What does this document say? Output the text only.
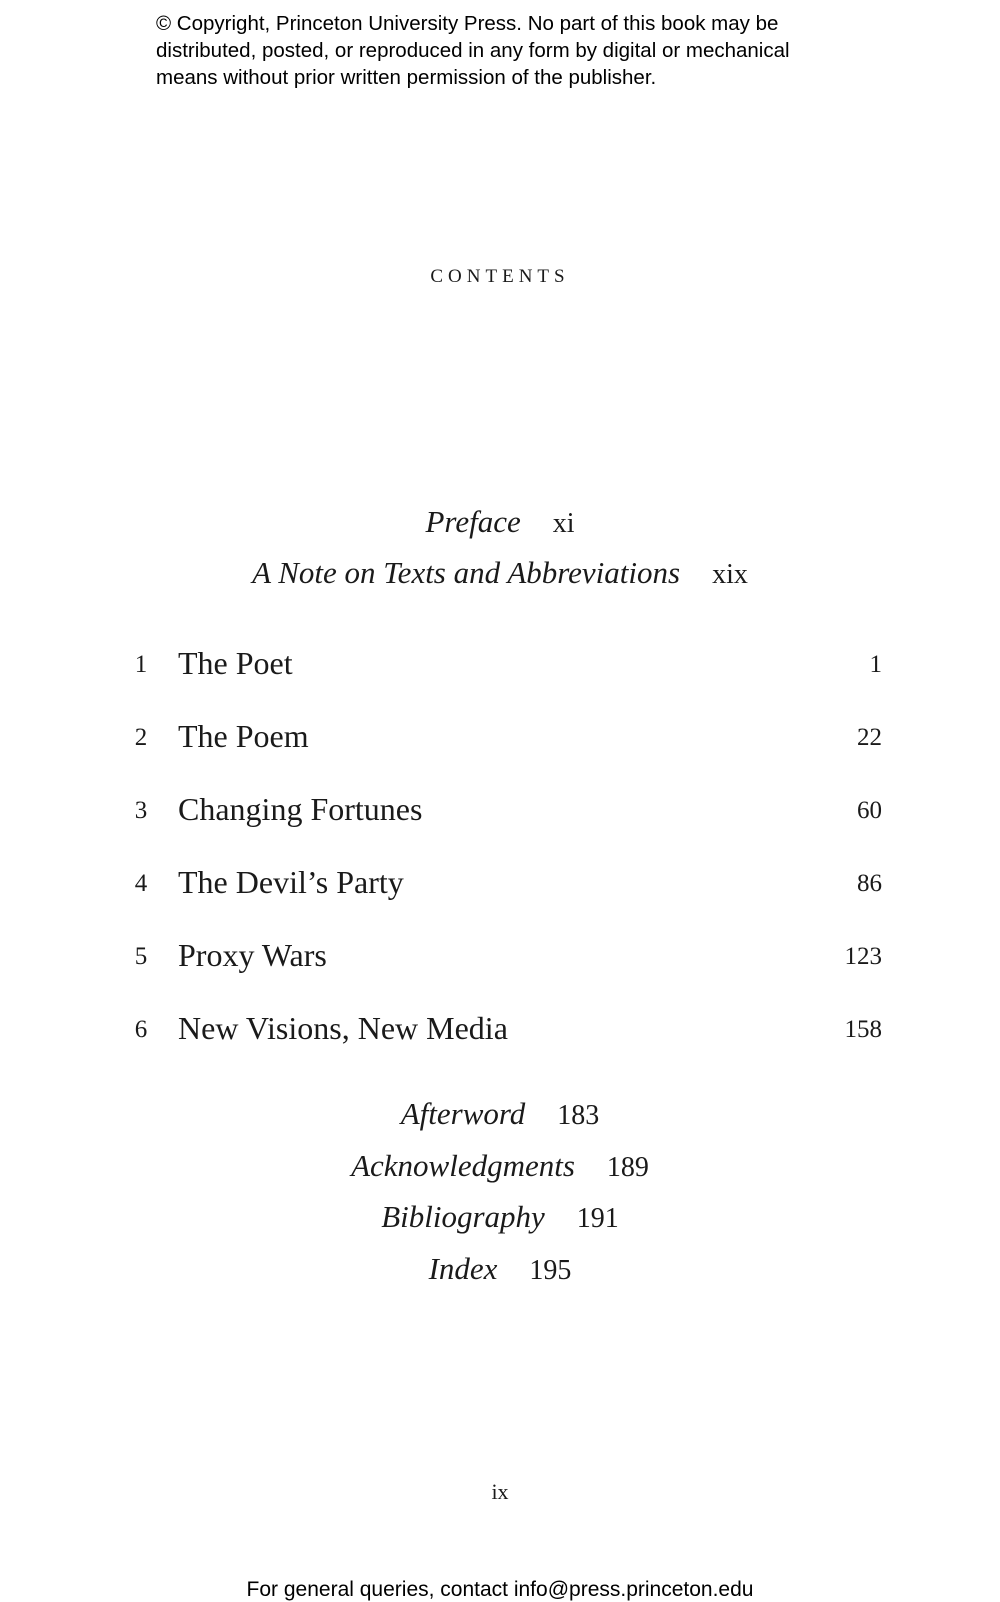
© Copyright, Princeton University Press. No part of this book may be
distributed, posted, or reproduced in any form by digital or mechanical
means without prior written permission of the publisher.
contents
Preface xi
A Note on Texts and Abbreviations xix
1 The Poet	1
2 The Poem	22
3 Changing Fortunes	60
4 The Devil’s Party	86
5 Proxy Wars	123
6 New Visions, New Media	158
Afterword 183
Acknowledgments 189
Bibliography 191
Index 195
ix
For general queries, contact info@press.princeton.edu
